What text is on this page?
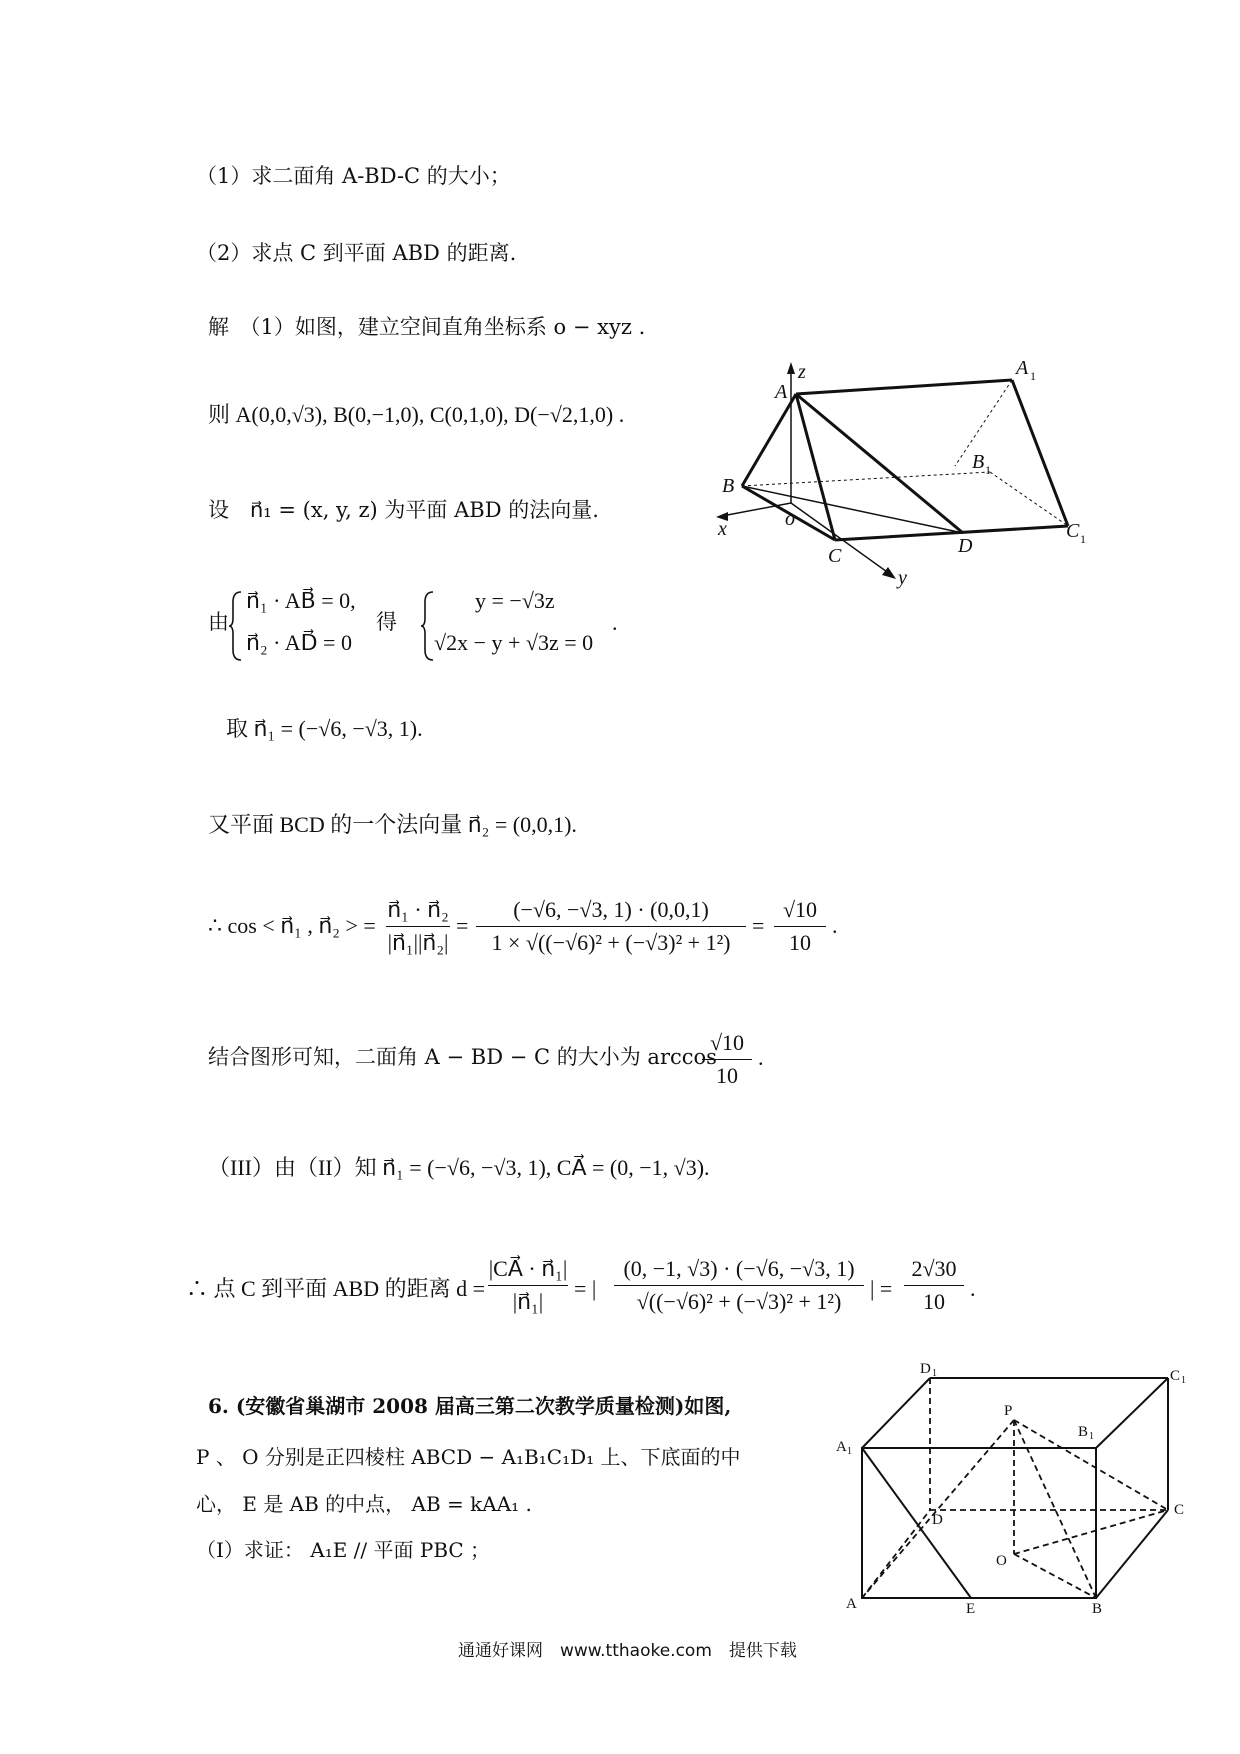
（1）求二面角 A-BD-C 的大小；
（2）求点 C 到平面 ABD 的距离.
解　（1）如图，建立空间直角坐标系 o − xyz .
则 A(0,0,√3), B(0,−1,0), C(0,1,0), D(−√2,1,0) .
设　n⃗₁ = (x, y, z) 为平面 ABD 的法向量.
由
n⃗₁ · AB⃗ = 0,
n⃗₂ · AD⃗ = 0
得
y = −√3z
√2x − y + √3z = 0
.
取 n⃗₁ = (−√6, −√3, 1).
又平面 BCD 的一个法向量 n⃗₂ = (0,0,1).
∴ cos < n⃗₁ , n⃗₂ > =
n⃗₁ · n⃗₂
|n⃗₁||n⃗₂|
=
(−√6, −√3, 1) · (0,0,1)
1 × √((−√6)² + (−√3)² + 1²)
=
√10
10
.
结合图形可知，二面角 A − BD − C 的大小为 arccos
√10
10
.
（III）由（II）知 n⃗₁ = (−√6, −√3, 1), CA⃗ = (0, −1, √3).
∴ 点 C 到平面 ABD 的距离 d =
|CA⃗ · n⃗₁|
|n⃗₁|
= |
(0, −1, √3) · (−√6, −√3, 1)
√((−√6)² + (−√3)² + 1²)
| =
2√30
10
.
6. (安徽省巢湖市 2008 届高三第二次教学质量检测)如图,
P 、 O 分别是正四棱柱 ABCD − A₁B₁C₁D₁ 上、下底面的中
心， E 是 AB 的中点， AB = kAA₁ .
（Ⅰ）求证： A₁E // 平面 PBC ；
A
z	A 1
B 1
B
x	o
C	D
C 1
y
D 1	C 1
P
B 1
A 1
D
C
O
A	E	B
通通好课网　www.tthaoke.com　提供下载
